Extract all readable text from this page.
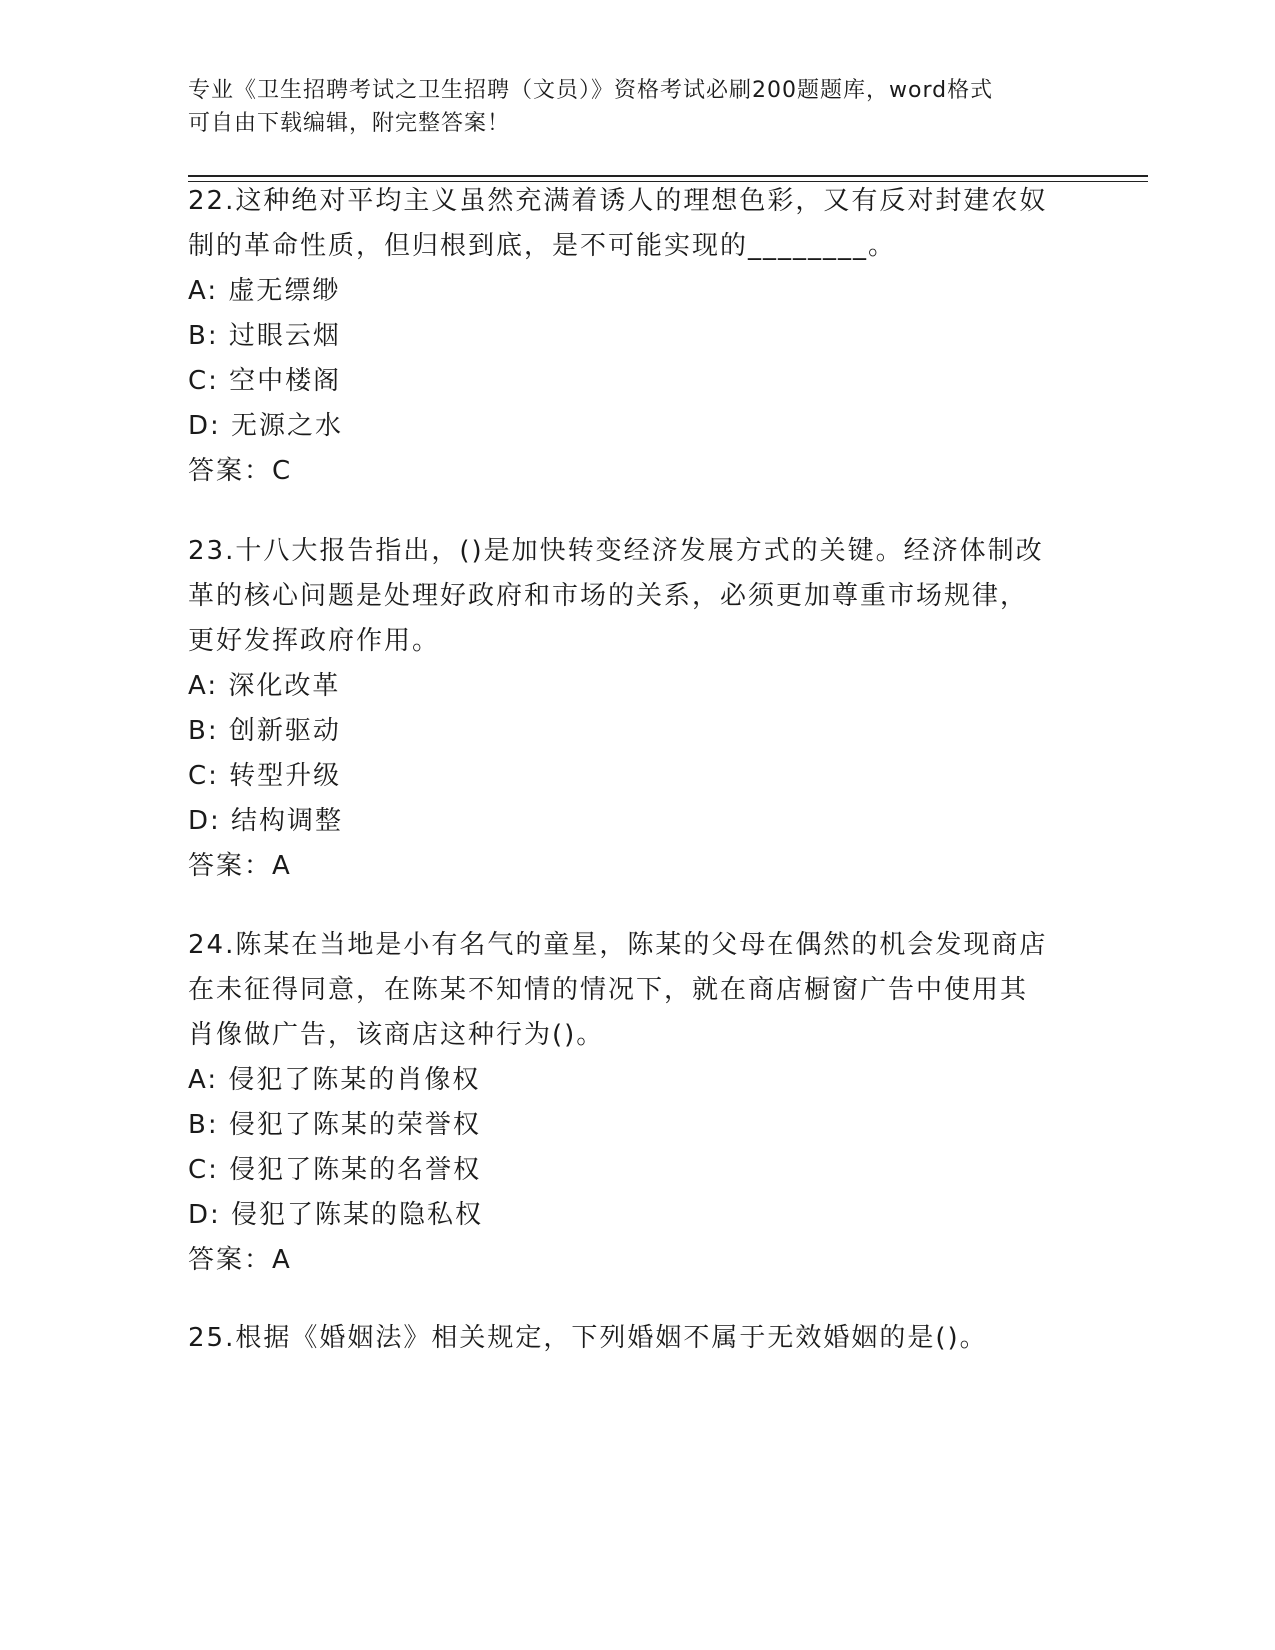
专业《卫生招聘考试之卫生招聘（文员）》资格考试必刷200题题库，word格式
可自由下载编辑，附完整答案！
22.这种绝对平均主义虽然充满着诱人的理想色彩，又有反对封建农奴
制的革命性质，但归根到底，是不可能实现的________。
A: 虚无缥缈
B: 过眼云烟
C: 空中楼阁
D: 无源之水
答案：C
23.十八大报告指出，()是加快转变经济发展方式的关键。经济体制改
革的核心问题是处理好政府和市场的关系，必须更加尊重市场规律，
更好发挥政府作用。
A: 深化改革
B: 创新驱动
C: 转型升级
D: 结构调整
答案：A
24.陈某在当地是小有名气的童星，陈某的父母在偶然的机会发现商店
在未征得同意，在陈某不知情的情况下，就在商店橱窗广告中使用其
肖像做广告，该商店这种行为()。
A: 侵犯了陈某的肖像权
B: 侵犯了陈某的荣誉权
C: 侵犯了陈某的名誉权
D: 侵犯了陈某的隐私权
答案：A
25.根据《婚姻法》相关规定，下列婚姻不属于无效婚姻的是()。
